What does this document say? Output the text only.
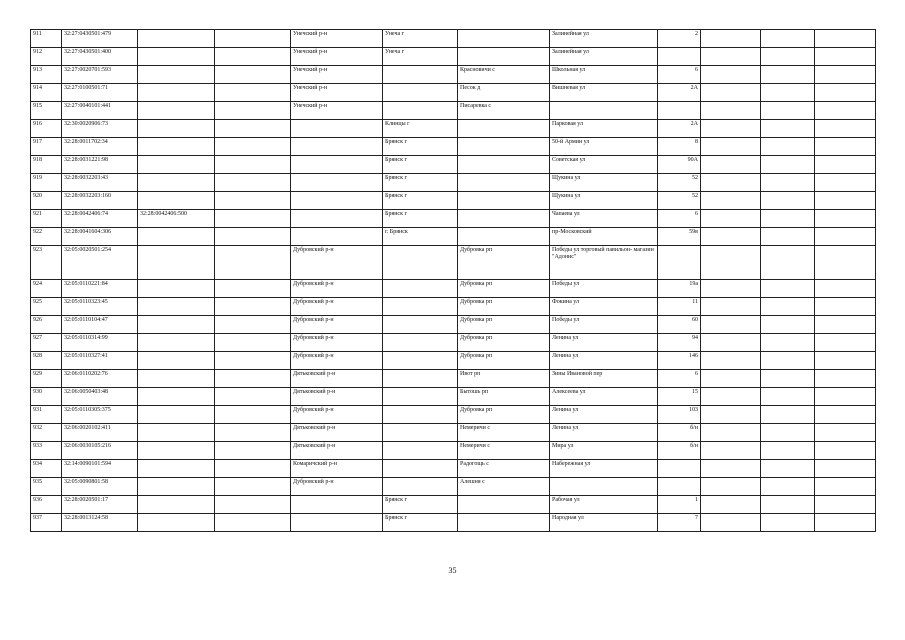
911	32:27:0430501:479			Унечский р-н	Унеча г		Залинейная ул	2			
912	32:27:0430501:400			Унечский р-н	Унеча г		Залинейная ул				
913	32:27:0020701:593			Унечский р-н		Красновичи с	Школьная ул	6			
914	32:27:0100501:71			Унечский р-н		Песок д	Вишневая ул	2А			
915	32:27:0040101:441			Унечский р-н		Писаревка с					
916	32:30:0020906:73				Клинцы г		Парковая ул	2А			
917	32:28:0011702:34				Брянск г		50-й Армии ул	8			
918	32:28:0031221:98				Брянск г		Советская ул	90А			
919	32:28:0032203:43				Брянск г		Щукина ул	52			
920	32:28:0032203:160				Брянск г		Щукина ул	52			
921	32:28:0042406:74	32:28:0042406:500			Брянск г		Чапаева ул	6			
922	32:28:0041604:306				г. Брянск		пр-Московский	59в			
923	32:05:0020501:254			Дубровский р-н		Дубровка рп	Победы ул торговый павильон- магазин "Адонис"				
924	32:05:0110221:84			Дубровский р-н		Дубровка рп	Победы ул	19а			
925	32:05:0110323:45			Дубровский р-н		Дубровка рп	Фокина ул	11			
926	32:05:0110104:47			Дубровский р-н		Дубровка рп	Победы ул	60			
927	32:05:0110314:99			Дубровский р-н		Дубровка рп	Ленина ул	94			
928	32:05:0110327:41			Дубровский р-н		Дубровка рп	Ленина ул	146			
929	32:06:0110202:76			Дятьковский р-н		Ивот рп	Зины Ивановой пер	6			
930	32:06:0050403:48			Дятьковский р-н		Бытошь рп	Алексеева ул	15			
931	32:05:0110305:375			Дубровский р-н		Дубровка рп	Ленина ул	103			
932	32:06:0020102:411			Дятьковский р-н		Немеричи с	Ленина ул	б/н			
933	32:06:0030105:216			Дятьковский р-н		Немеричи с	Мира ул	б/н			
934	32:14:0090101:594			Комаричский р-н		Радогощь с	Набережная ул				
935	32:05:0090801:58			Дубровский р-н		Алешня с					
936	32:28:0020501:17				Брянск г		Рабочая ул	1			
937	32:28:0013124:58				Брянск г		Народная ул	7			
35
